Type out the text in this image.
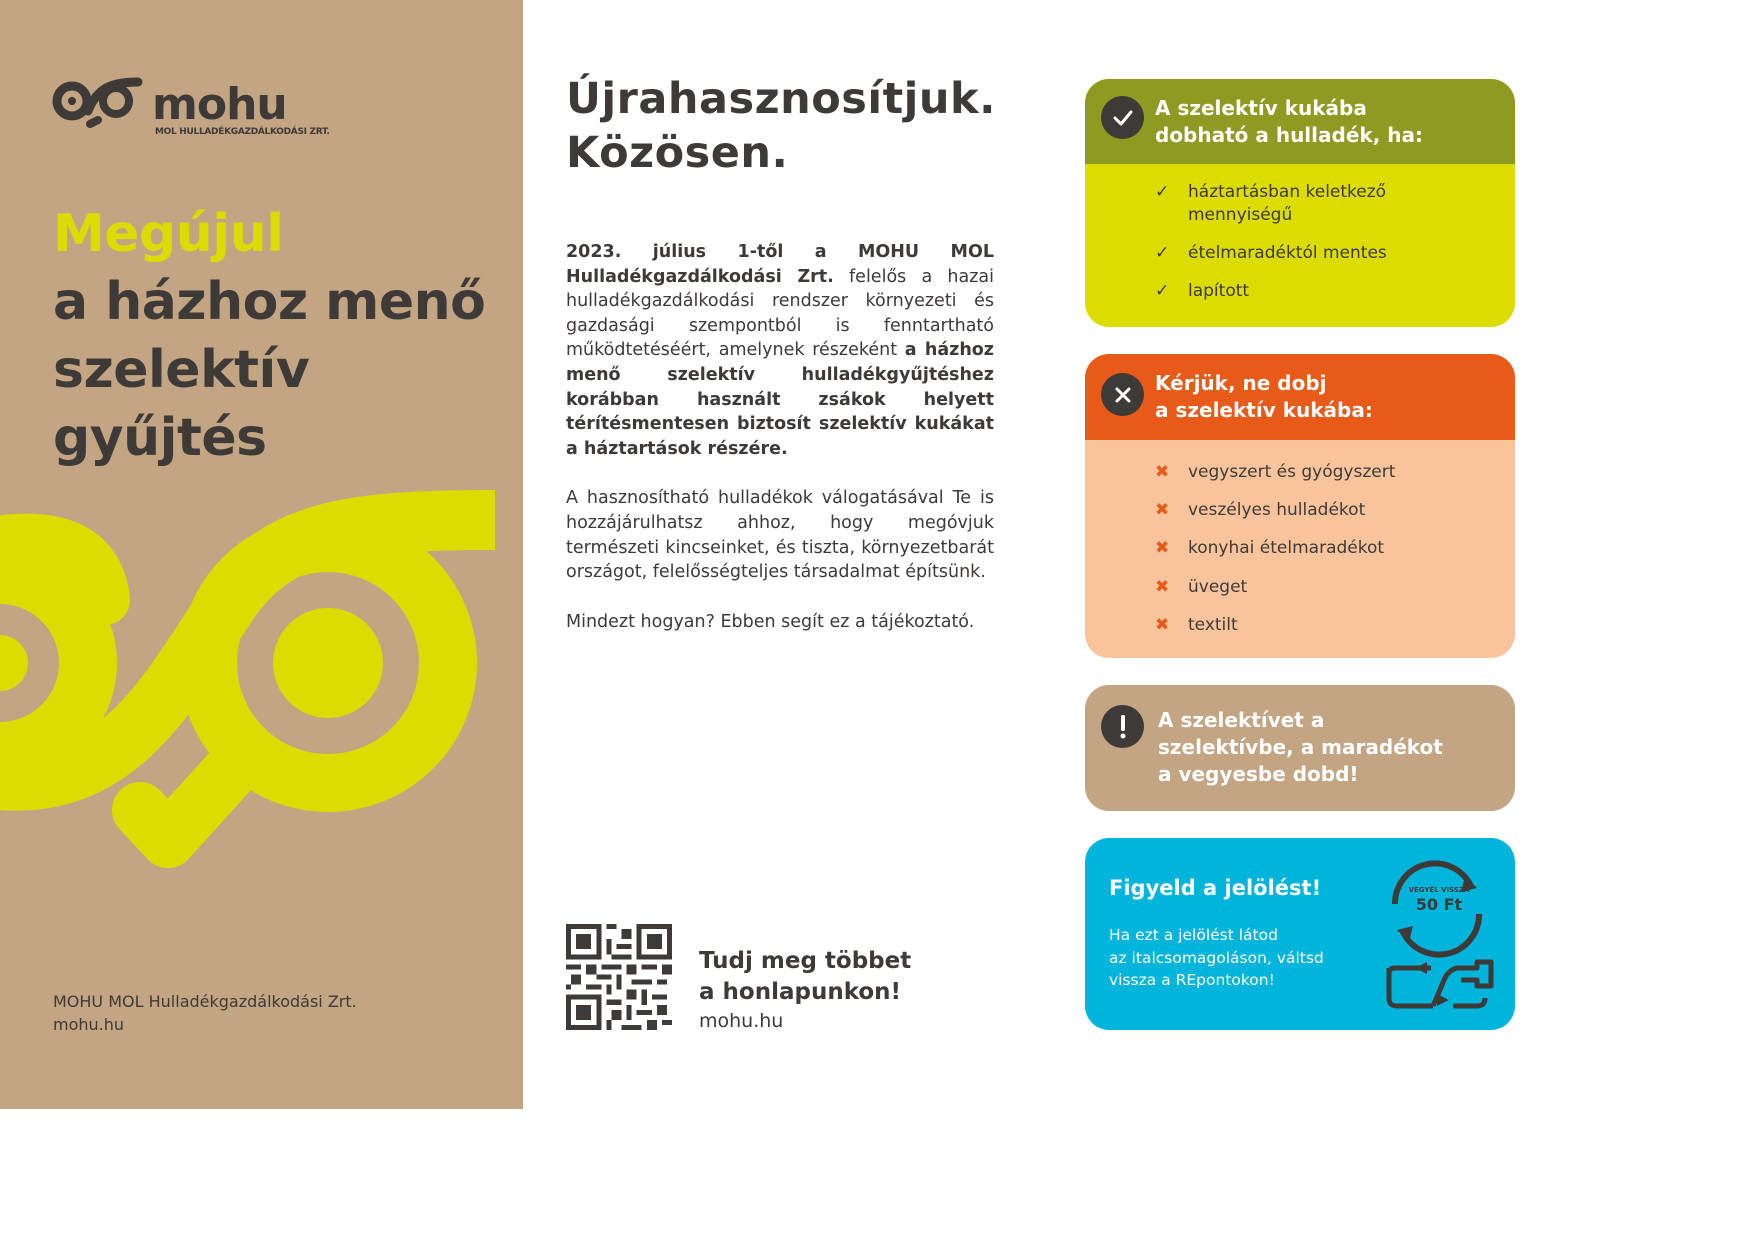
mohu
MOL HULLADÉKGAZDÁLKODÁSI ZRT.
Megújul
a házhoz menő
szelektív
gyűjtés
MOHU MOL Hulladékgazdálkodási Zrt.
mohu.hu
Újrahasznosítjuk.
Közösen.

2023. július 1-től a MOHU MOL Hulladékgazdálkodási Zrt. felelős a hazai hulladékgazdálkodási rendszer környezeti és gazdasági szempontból is fenntartható működtetéséért, amelynek részeként a házhoz menő szelektív hulladékgyűjtéshez korábban használt zsákok helyett térítésmentesen biztosít szelektív kukákat a háztartások részére.

A hasznosítható hulladékok válogatásával Te is hozzájárulhatsz ahhoz, hogy megóvjuk természeti kincseinket, és tiszta, környezetbarát országot, felelősségteljes társadalmat építsünk.

Mindezt hogyan? Ebben segít ez a tájékoztató.

Tudj meg többet
a honlapunkon!
mohu.hu
A szelektív kukába
dobható a hulladék, ha:
✓ háztartásban keletkező
mennyiségű
✓ ételmaradéktól mentes
✓ lapított
Kérjük, ne dobj
a szelektív kukába:
✖ vegyszert és gyógyszert
✖ veszélyes hulladékot
✖ konyhai ételmaradékot
✖ üveget
✖ textilt
A szelektívet a
szelektívbe, a maradékot
a vegyesbe dobd!
Figyeld a jelölést!
Ha ezt a jelölést látod
az italcsomagoláson, váltsd
vissza a REpontokon!
VEGYÉL VISSZA
50 Ft
